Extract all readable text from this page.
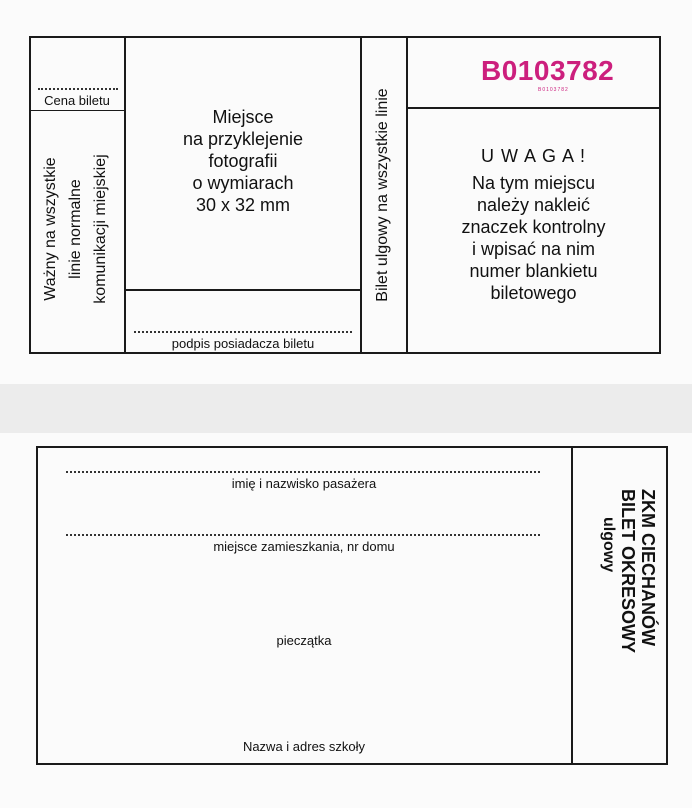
Cena biletu
Ważny na wszystkie linie normalne komunikacji miejskiej
Miejsce
na przyklejenie
fotografii
o wymiarach
30 x 32 mm
podpis posiadacza biletu
Bilet ulgowy na wszystkie linie
B0103782
B0103782
U W A G A !
Na tym miejscu
należy nakleić
znaczek kontrolny
i wpisać na nim
numer blankietu
biletowego
imię i nazwisko pasażera
miejsce zamieszkania, nr domu
pieczątka
Nazwa i adres szkoły
ZKM CIECHANÓW
BILET OKRESOWY
ulgowy
